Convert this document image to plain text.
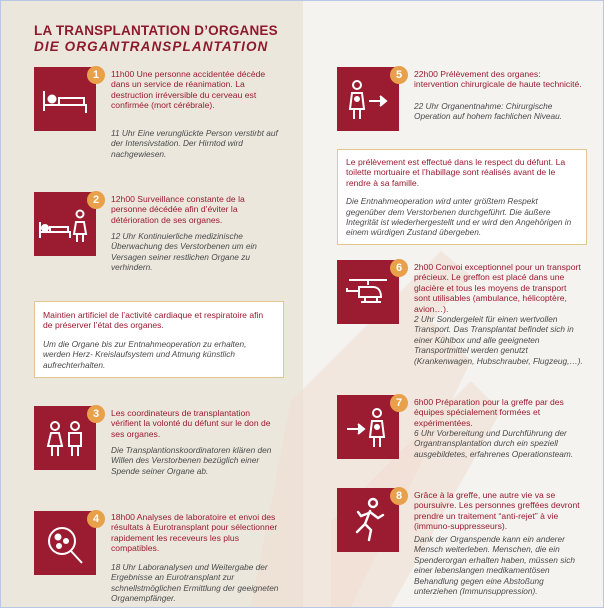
LA TRANSPLANTATION D’ORGANES
DIE ORGANTRANSPLANTATION
1	11h00 Une personne accidentée décède dans un service de réanimation. La destruction irréversible du cerveau est confirmée (mort cérébrale).
11 Uhr Eine verunglückte Person verstirbt auf der Intensivstation. Der Hirntod wird nachgewiesen.
2	12h00 Surveillance constante de la personne décédée afin d’éviter la détérioration de ses organes.
12 Uhr Kontinuierliche medizinische Überwachung des Verstorbenen um ein Versagen seiner restlichen Organe zu verhindern.
Maintien artificiel de l’activité cardiaque et respiratoire afin de préserver l’état des organes.
Um die Organe bis zur Entnahmeoperation zu erhalten, werden Herz- Kreislaufsystem und Atmung künstlich aufrechterhalten.
3	Les coordinateurs de transplantation vérifient la volonté du défunt sur le don de ses organes.
Die Transplantionskoordinatoren klären den Willen des Verstorbenen bezüglich einer Spende seiner Organe ab.
4	18h00 Analyses de laboratoire et envoi des résultats à Eurotransplant pour sélectionner rapidement les receveurs les plus compatibles.
18 Uhr Laboranalysen und Weitergabe der Ergebnisse an Eurotransplant zur schnellstmöglichen Ermittlung der geeigneten Organempfänger.
5	22h00 Prélèvement des organes: intervention chirurgicale de haute technicité.
22 Uhr Organentnahme: Chirurgische Operation auf hohem fachlichen Niveau.
Le prélèvement est effectué dans le respect du défunt. La toilette mortuaire et l’habillage sont réalisés avant de le rendre à sa famille.
Die Entnahmeoperation wird unter größtem Respekt gegenüber dem Verstorbenen durchgeführt. Die äußere Integrität ist wiederhergestellt und er wird den Angehörigen in einem würdigen Zustand übergeben.
6	2h00 Convoi exceptionnel pour un transport précieux. Le greffon est placé dans une glacière et tous les moyens de transport sont utilisables (ambulance, hélicoptère, avion…).
2 Uhr Sondergeleit für einen wertvollen Transport. Das Transplantat befindet sich in einer Kühlbox und alle geeigneten Transportmittel werden genutzt (Krankenwagen, Hubschrauber, Flugzeug,…).
7	6h00 Préparation pour la greffe par des équipes spécialement formées et expérimentées.
6 Uhr Vorbereitung und Durchführung der Organtransplantation durch ein speziell ausgebildetes, erfahrenes Operationsteam.
8	Grâce à la greffe, une autre vie va se poursuivre. Les personnes greffées devront prendre un traitement “anti-rejet” à vie (immuno-suppresseurs).
Dank der Organspende kann ein anderer Mensch weiterleben. Menschen, die ein Spenderorgan erhalten haben, müssen sich einer lebenslangen medikamentösen Behandlung gegen eine Abstoßung unterziehen (Immunsuppression).
